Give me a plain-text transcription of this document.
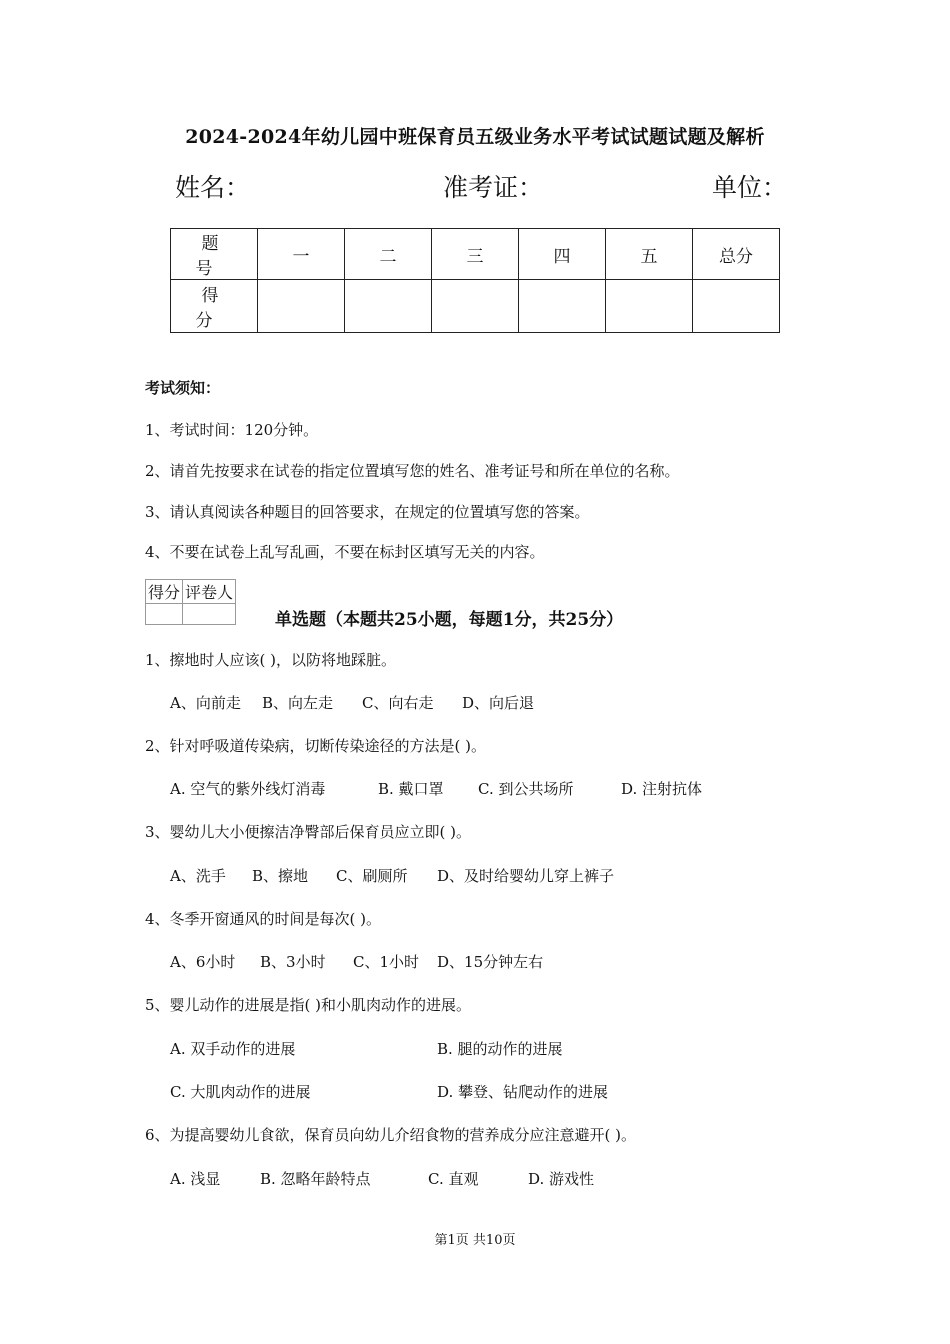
2024-2024年幼儿园中班保育员五级业务水平考试试题试题及解析
姓名：	准考证：	单位：
题 号	一	二	三	四	五	总分
得 分						
考试须知：
1、考试时间：120分钟。
2、请首先按要求在试卷的指定位置填写您的姓名、准考证号和所在单位的名称。
3、请认真阅读各种题目的回答要求，在规定的位置填写您的答案。
4、不要在试卷上乱写乱画，不要在标封区填写无关的内容。
得分	评卷人

单选题（本题共25小题，每题1分，共25分）
1、擦地时人应该( )，以防将地踩脏。
A、向前走 B、向左走 C、向右走 D、向后退
2、针对呼吸道传染病，切断传染途径的方法是( )。
A. 空气的紫外线灯消毒	B. 戴口罩 C. 到公共场所	D. 注射抗体
3、婴幼儿大小便擦洁净臀部后保育员应立即( )。
A、洗手 B、擦地 C、刷厕所 D、及时给婴幼儿穿上裤子
4、冬季开窗通风的时间是每次( )。
A、6小时 B、3小时 C、1小时 D、15分钟左右
5、婴儿动作的进展是指( )和小肌肉动作的进展。
A. 双手动作的进展	B. 腿的动作的进展
C. 大肌肉动作的进展	D. 攀登、钻爬动作的进展
6、为提高婴幼儿食欲，保育员向幼儿介绍食物的营养成分应注意避开( )。
A. 浅显	B. 忽略年龄特点	C. 直观	D. 游戏性
第1页 共10页
